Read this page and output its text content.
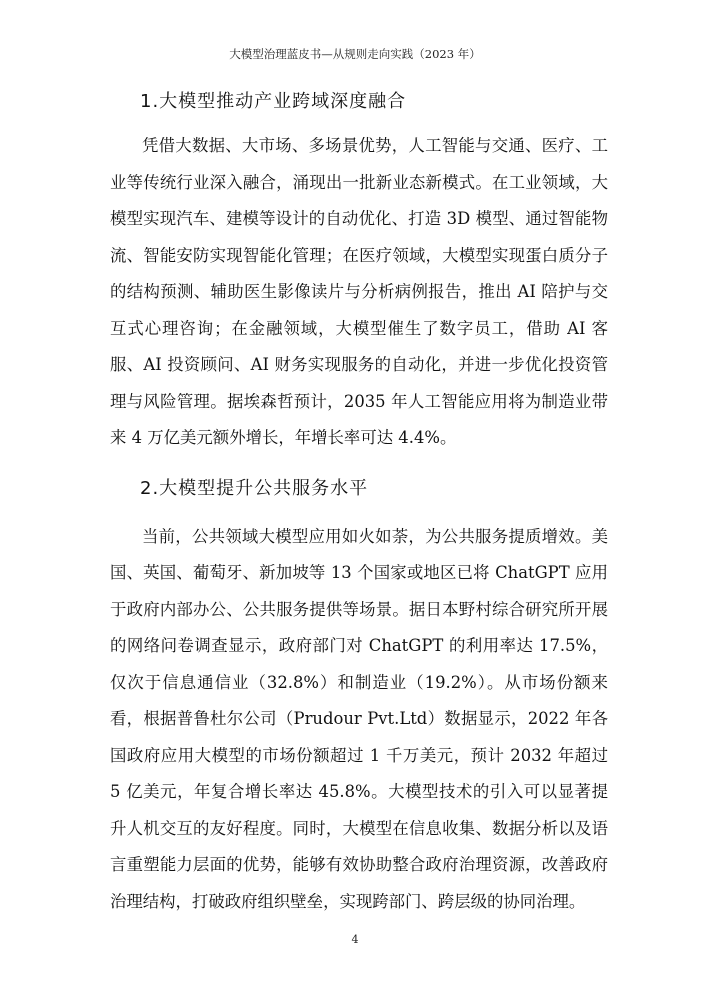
大模型治理蓝皮书—从规则走向实践（2023 年）
1.大模型推动产业跨域深度融合

凭借大数据、大市场、多场景优势，人工智能与交通、医疗、工业等传统行业深入融合，涌现出一批新业态新模式。在工业领域，大模型实现汽车、建模等设计的自动优化、打造 3D 模型、通过智能物流、智能安防实现智能化管理；在医疗领域，大模型实现蛋白质分子的结构预测、辅助医生影像读片与分析病例报告，推出 AI 陪护与交互式心理咨询；在金融领域，大模型催生了数字员工，借助 AI 客服、AI 投资顾问、AI 财务实现服务的自动化，并进一步优化投资管理与风险管理。据埃森哲预计，2035 年人工智能应用将为制造业带来 4 万亿美元额外增长，年增长率可达 4.4%。

2.大模型提升公共服务水平

当前，公共领域大模型应用如火如荼，为公共服务提质增效。美国、英国、葡萄牙、新加坡等 13 个国家或地区已将 ChatGPT 应用于政府内部办公、公共服务提供等场景。据日本野村综合研究所开展的网络问卷调查显示，政府部门对 ChatGPT 的利用率达 17.5%，仅次于信息通信业（32.8%）和制造业（19.2%）。从市场份额来看，根据普鲁杜尔公司（Prudour Pvt.Ltd）数据显示，2022 年各国政府应用大模型的市场份额超过 1 千万美元，预计 2032 年超过 5 亿美元，年复合增长率达 45.8%。大模型技术的引入可以显著提升人机交互的友好程度。同时，大模型在信息收集、数据分析以及语言重塑能力层面的优势，能够有效协助整合政府治理资源，改善政府治理结构，打破政府组织壁垒，实现跨部门、跨层级的协同治理。

4
